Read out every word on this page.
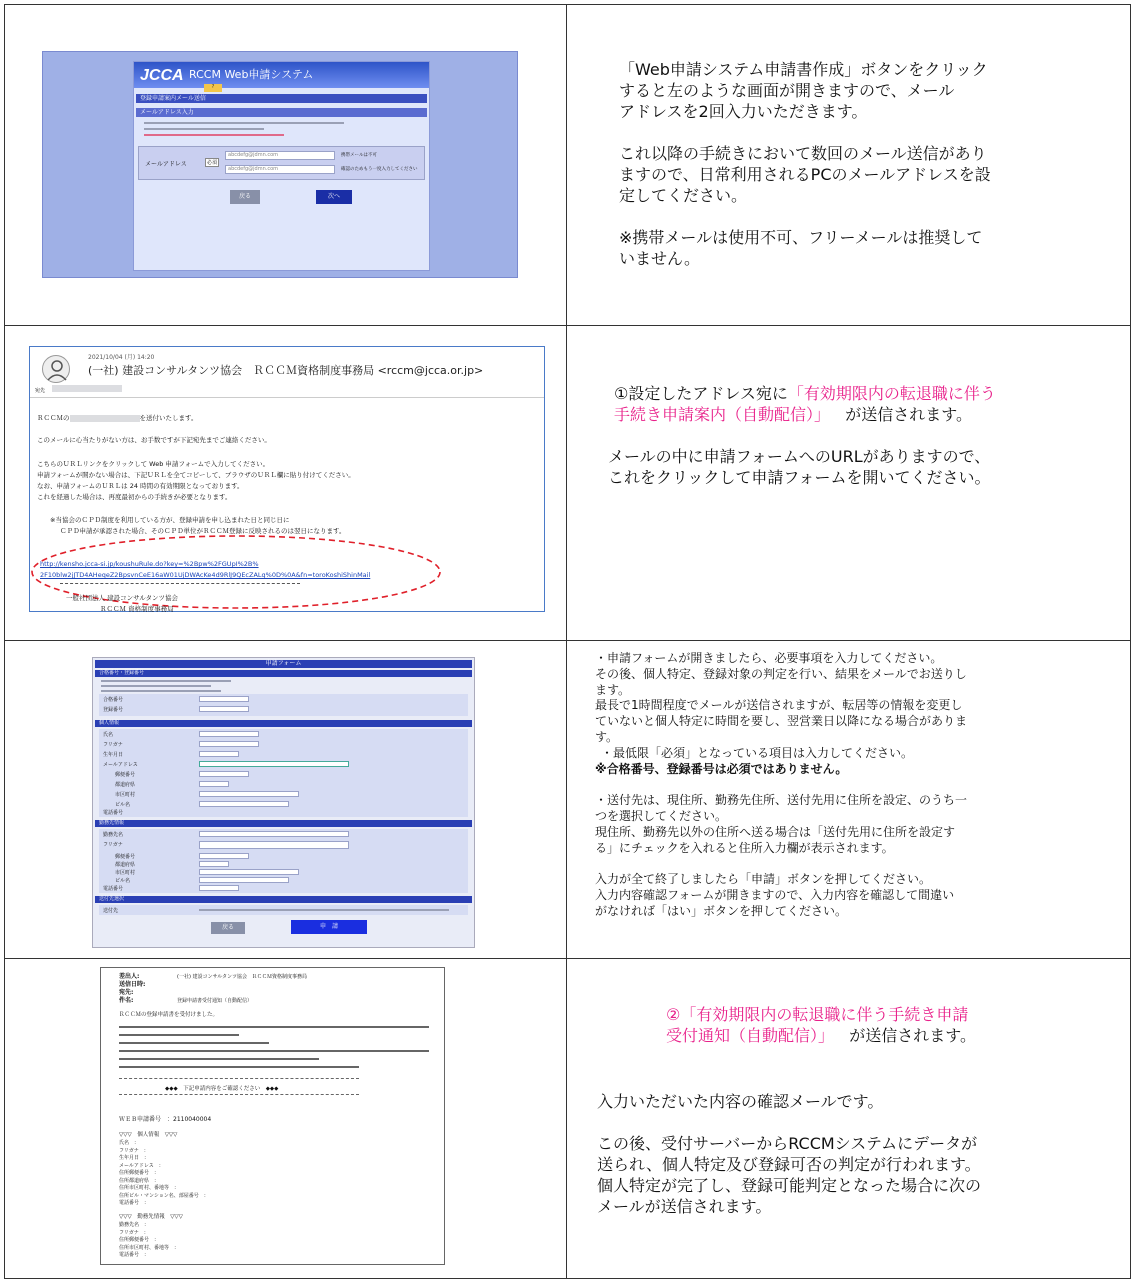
JCCA RCCM Web申請システム
?
登録申請案内メール送信
メールアドレス入力
メールアドレス	必須
abcdefg@jdmn.com
abcdefg@jdmn.com
携帯メールは不可
確認のためもう一度入力してください
戻る	次へ
「Web申請システム申請書作成」ボタンをクリック
すると左のような画面が開きますので、メール
アドレスを2回入力いただきます。
これ以降の手続きにおいて数回のメール送信があり
ますので、日常利用されるPCのメールアドレスを設
定してください。
※携帯メールは使用不可、フリーメールは推奨して
いません。
2021/10/04 (月) 14:20
(一社) 建設コンサルタンツ協会　ＲＣＣＭ資格制度事務局 <rccm@jcca.or.jp>
宛先
ＲＣＣＭの	を送付いたします。
このメールに心当たりがない方は、お手数ですが下記宛先までご連絡ください。
こちらのＵＲＬリンクをクリックして Web 申請フォームで入力してください。
申請フォームが開かない場合は、下記ＵＲＬを全てコピーして、ブラウザのＵＲＬ欄に貼り付けてください。
なお、申請フォームのＵＲＬは 24 時間の有効期限となっております。
これを経過した場合は、再度最初からの手続きが必要となります。
※当協会のＣＰＤ制度を利用している方が、登録申請を申し込まれた日と同じ日に
ＣＰＤ申請が承認された場合、そのＣＰＤ単位がＲＣＣＭ登録に反映されるのは翌日になります。
http://kensho.jcca-si.jp/koushuRule.do?key=%2Bpw%2FGUpI%2B%
2F10blw2jJTD4AHeqeZ2BpsvnCeE16aW01UjDWAcKe4d9RlJ9QEcZALq%0D%0A&fn=toroKoshiShinMail
一般社団法人 建設コンサルタンツ協会
ＲＣＣＭ 資格制度事務局
①設定したアドレス宛に「有効期限内の転退職に伴う
手続き申請案内（自動配信）」 が送信されます。
メールの中に申請フォームへのURLがありますので、
これをクリックして申請フォームを開いてください。
申請フォーム
合格番号・登録番号
合格番号
登録番号
個人情報
氏名
フリガナ
生年月日
メールアドレス
郵便番号
都道府県
市区町村
ビル名
電話番号
勤務先情報
勤務先名
フリガナ
郵便番号
都道府県
市区町村
ビル名
電話番号
送付先選択
送付先
戻る	申　請
・申請フォームが開きましたら、必要事項を入力してください。
その後、個人特定、登録対象の判定を行い、結果をメールでお送りし
ます。
最長で1時間程度でメールが送信されますが、転居等の情報を変更し
ていないと個人特定に時間を要し、翌営業日以降になる場合がありま
す。
・最低限「必須」となっている項目は入力してください。
※合格番号、登録番号は必須ではありません。
・送付先は、現住所、勤務先住所、送付先用に住所を設定、のうち一
つを選択してください。
現住所、勤務先以外の住所へ送る場合は「送付先用に住所を設定す
る」にチェックを入れると住所入力欄が表示されます。
入力が全て終了しましたら「申請」ボタンを押してください。
入力内容確認フォームが開きますので、入力内容を確認して間違い
がなければ「はい」ボタンを押してください。
差出人:
送信日時:
宛先:
件名:
(一社) 建設コンサルタンツ協会　ＲＣＣＭ資格制度事務局
登録申請書受付通知（自動配信）
ＲＣＣＭの登録申請書を受付けました。
◆◆◆　下記申請内容をご確認ください　◆◆◆
ＷＥＢ申請番号　：2110040004
▽▽▽　個人情報　▽▽▽
氏名　：
フリガナ　：
生年月日　：
メールアドレス　：
住所郵便番号　：
住所都道府県　：
住所市区町村、番地等　：
住所ビル・マンション名、部屋番号　：
電話番号　：
▽▽▽　勤務先情報　▽▽▽
勤務先名　：
フリガナ　：
住所郵便番号　：
住所市区町村、番地等　：
電話番号　：
②「有効期限内の転退職に伴う手続き申請
受付通知（自動配信）」 が送信されます。
入力いただいた内容の確認メールです。
この後、受付サーバーからRCCMシステムにデータが
送られ、個人特定及び登録可否の判定が行われます。
個人特定が完了し、登録可能判定となった場合に次の
メールが送信されます。
